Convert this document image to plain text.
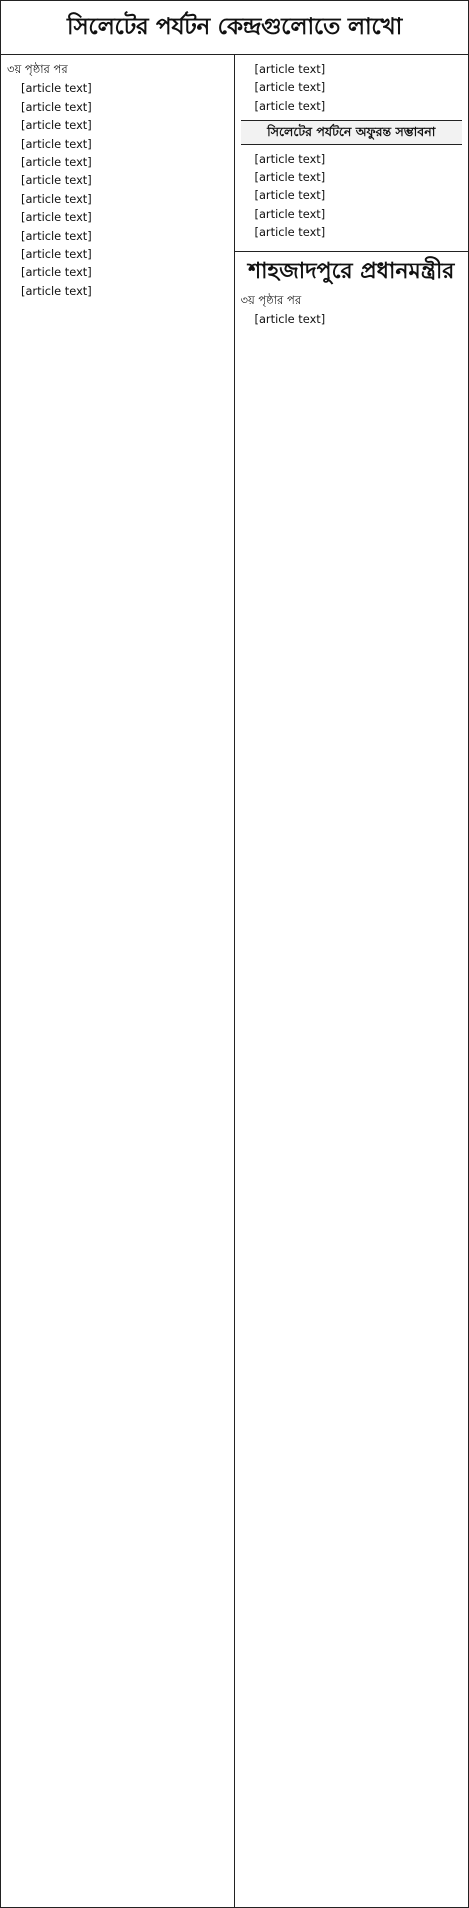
সিলেটের পর্যটন কেন্দ্রগুলোতে লাখো
৩য় পৃষ্ঠার পর

[article text]

[article text]

[article text]

[article text]

[article text]

[article text]

[article text]

[article text]

[article text]

[article text]

[article text]

[article text]

[article text]

[article text]

[article text]

সিলেটের পর্যটনে অফুরন্ত সম্ভাবনা

[article text]

[article text]

[article text]

[article text]

[article text]

শাহজাদপুরে প্রধানমন্ত্রীর
৩য় পৃষ্ঠার পর

[article text]
